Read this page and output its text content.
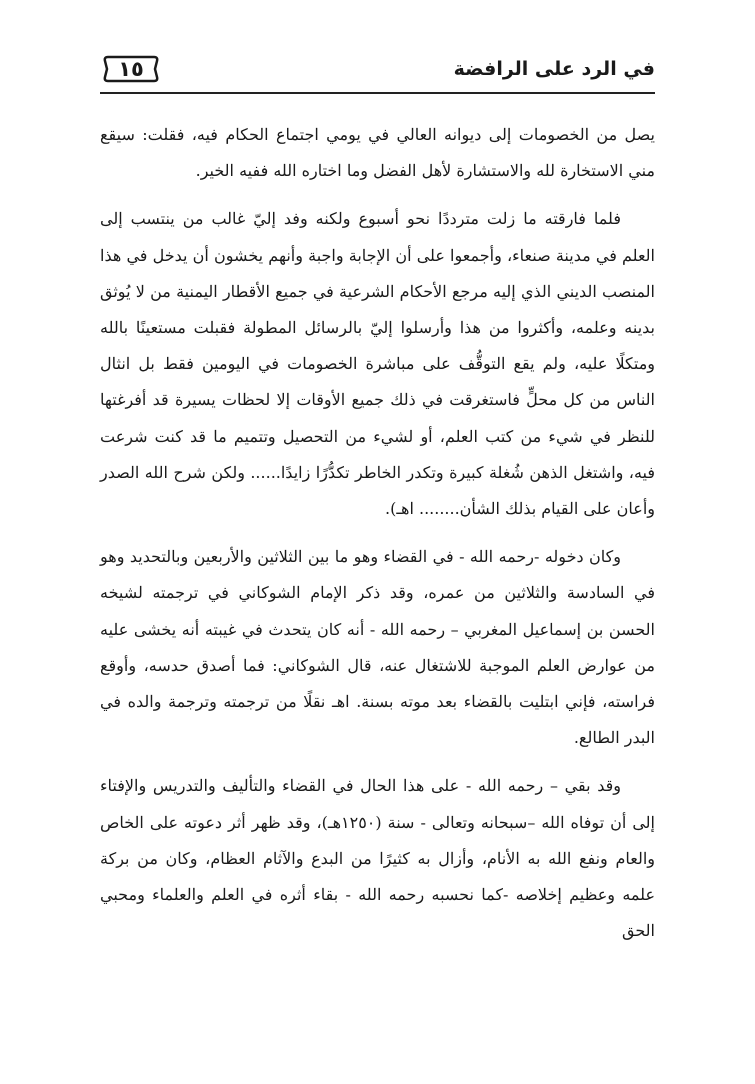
في الرد على الرافضة
١٥

يصل من الخصومات إلى ديوانه العالي في يومي اجتماع الحكام فيه، فقلت: سيقع مني الاستخارة لله والاستشارة لأهل الفضل وما اختاره الله ففيه الخير.

فلما فارقته ما زلت مترددًا نحو أسبوع ولكنه وفد إليّ غالب من ينتسب إلى العلم في مدينة صنعاء، وأجمعوا على أن الإجابة واجبة وأنهم يخشون أن يدخل في هذا المنصب الديني الذي إليه مرجع الأحكام الشرعية في جميع الأقطار اليمنية من لا يُوثق بدينه وعلمه، وأكثروا من هذا وأرسلوا إليّ بالرسائل المطولة فقبلت مستعينًا بالله ومتكلًا عليه، ولم يقع التوقُّف على مباشرة الخصومات في اليومين فقط بل انثال الناس من كل محلٍّ فاستغرقت في ذلك جميع الأوقات إلا لحظات يسيرة قد أفرغتها للنظر في شيء من كتب العلم، أو لشيء من التحصيل وتتميم ما قد كنت شرعت فيه، واشتغل الذهن شُغلة كبيرة وتكدر الخاطر تكدُّرًا زايدًا...... ولكن شرح الله الصدر وأعان على القيام بذلك الشأن........ اهـ).

وكان دخوله -رحمه الله - في القضاء وهو ما بين الثلاثين والأربعين وبالتحديد وهو في السادسة والثلاثين من عمره، وقد ذكر الإمام الشوكاني في ترجمته لشيخه الحسن بن إسماعيل المغربي – رحمه الله - أنه كان يتحدث في غيبته أنه يخشى عليه من عوارض العلم الموجبة للاشتغال عنه، قال الشوكاني: فما أصدق حدسه، وأوقع فراسته، فإني ابتليت بالقضاء بعد موته بسنة. اهـ نقلًا من ترجمته وترجمة والده في البدر الطالع.

وقد بقي – رحمه الله - على هذا الحال في القضاء والتأليف والتدريس والإفتاء إلى أن توفاه الله –سبحانه وتعالى - سنة (١٢٥٠هـ)، وقد ظهر أثر دعوته على الخاص والعام ونفع الله به الأنام، وأزال به كثيرًا من البدع والآثام العظام، وكان من بركة علمه وعظيم إخلاصه -كما نحسبه رحمه الله - بقاء أثره في العلم والعلماء ومحبي الحق
